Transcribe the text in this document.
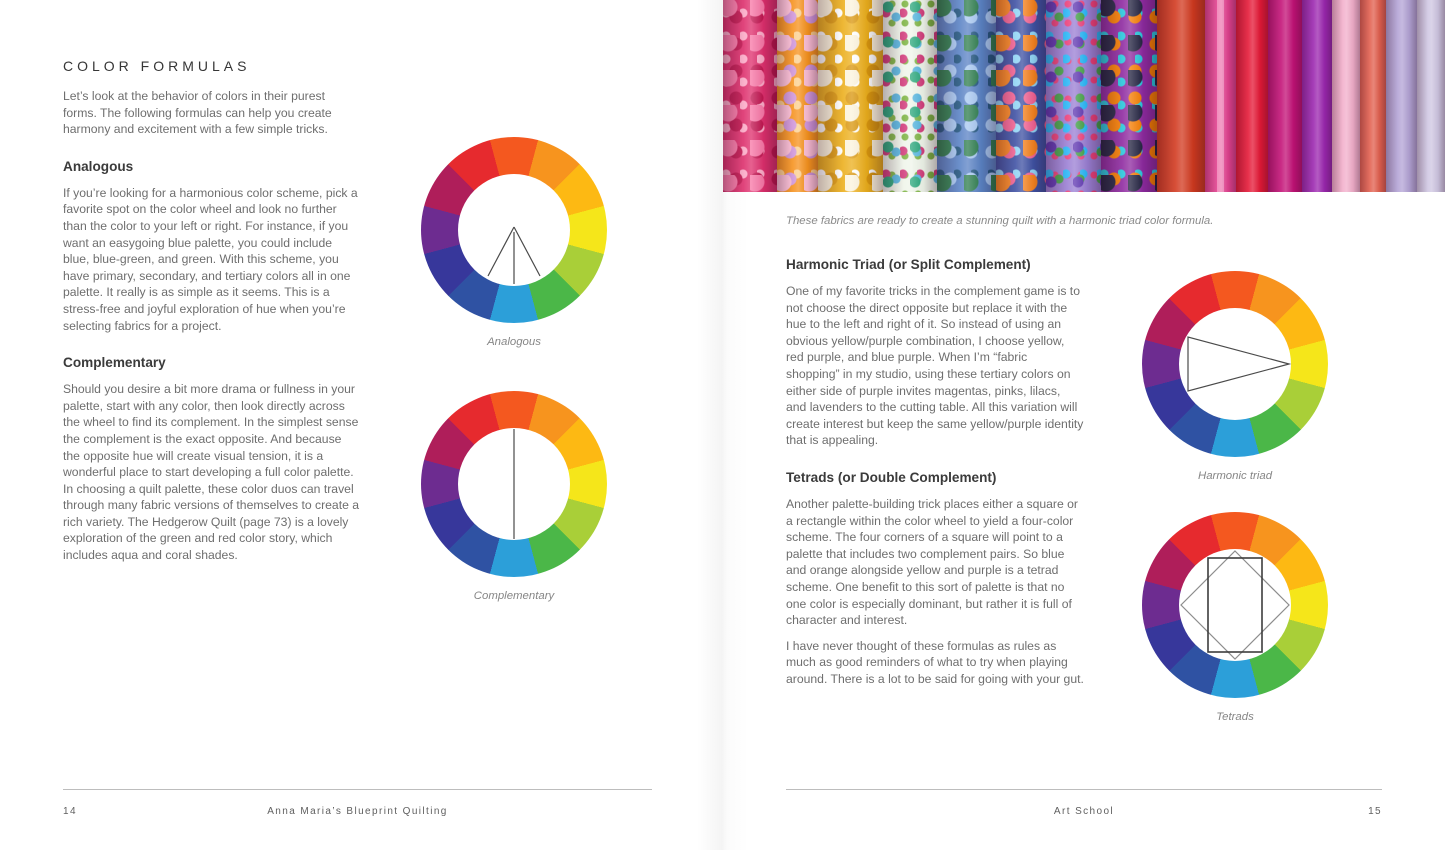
COLOR FORMULAS

Let’s look at the behavior of colors in their purest forms. The following formulas can help you create harmony and excitement with a few simple tricks.

Analogous

If you’re looking for a harmonious color scheme, pick a favorite spot on the color wheel and look no further than the color to your left or right. For instance, if you want an easygoing blue palette, you could include blue, blue-green, and green. With this scheme, you have primary, secondary, and tertiary colors all in one palette. It really is as simple as it seems. This is a stress-free and joyful exploration of hue when you’re selecting fabrics for a project.

Complementary

Should you desire a bit more drama or fullness in your palette, start with any color, then look directly across the wheel to find its complement. In the simplest sense the complement is the exact opposite. And because the opposite hue will create visual tension, it is a wonderful place to start developing a full color palette. In choosing a quilt palette, these color duos can travel through many fabric versions of themselves to create a rich variety. The Hedgerow Quilt (page 73) is a lovely exploration of the green and red color story, which includes aqua and coral shades.

Analogous
Complementary
14	Anna Maria’s Blueprint Quilting

These fabrics are ready to create a stunning quilt with a harmonic triad color formula.

Harmonic Triad (or Split Complement)

One of my favorite tricks in the complement game is to not choose the direct opposite but replace it with the hue to the left and right of it. So instead of using an obvious yellow/purple combination, I choose yellow, red purple, and blue purple. When I’m “fabric shopping” in my studio, using these tertiary colors on either side of purple invites magentas, pinks, lilacs, and lavenders to the cutting table. All this variation will create interest but keep the same yellow/purple identity that is appealing.

Tetrads (or Double Complement)

Another palette-building trick places either a square or a rectangle within the color wheel to yield a four-color scheme. The four corners of a square will point to a palette that includes two complement pairs. So blue and orange alongside yellow and purple is a tetrad scheme. One benefit to this sort of palette is that no one color is especially dominant, but rather it is full of character and interest.

I have never thought of these formulas as rules as much as good reminders of what to try when playing around. There is a lot to be said for going with your gut.

Harmonic triad
Tetrads
Art School	15
